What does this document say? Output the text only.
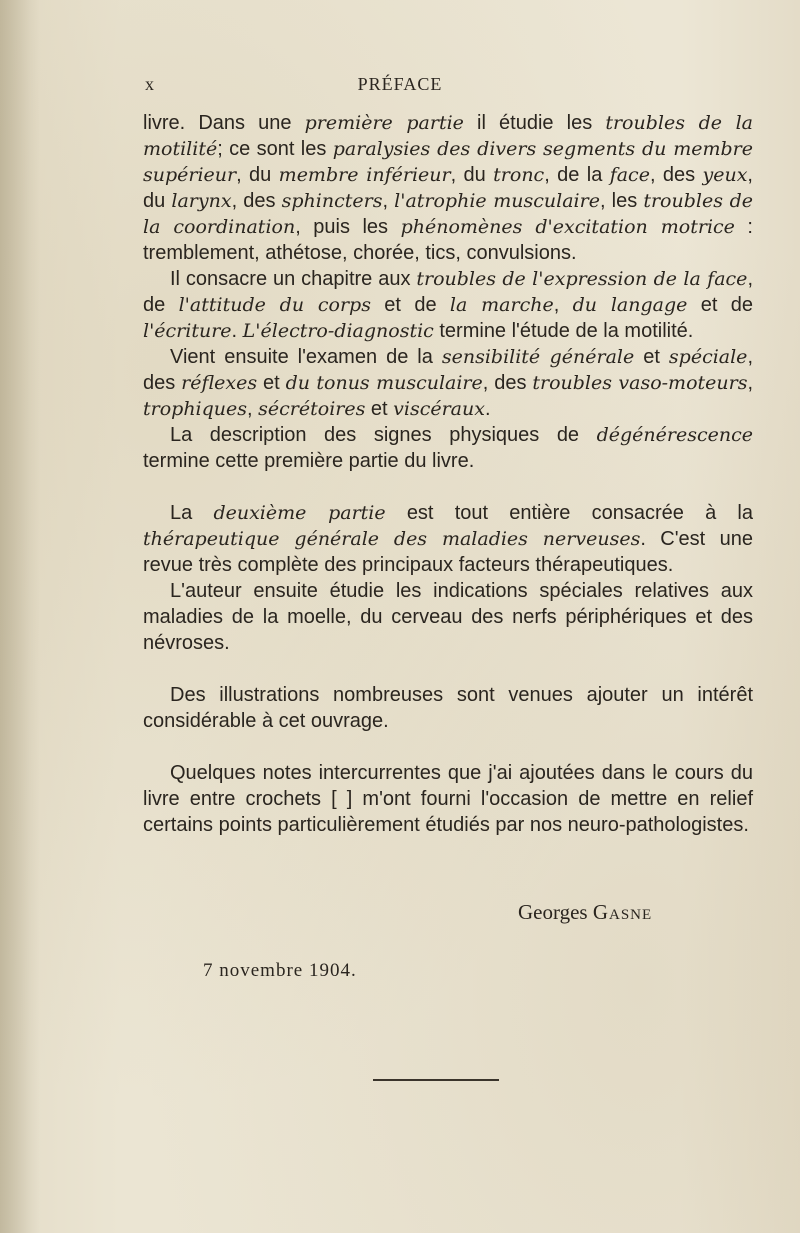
x	PRÉFACE

livre. Dans une première partie il étudie les troubles de la motilité; ce sont les paralysies des divers segments du membre supérieur, du membre inférieur, du tronc, de la face, des yeux, du larynx, des sphincters, l'atrophie musculaire, les troubles de la coordination, puis les phénomènes d'excitation motrice : tremblement, athétose, chorée, tics, convulsions.

Il consacre un chapitre aux troubles de l'expression de la face, de l'attitude du corps et de la marche, du langage et de l'écriture. L'électro-diagnostic termine l'étude de la motilité.

Vient ensuite l'examen de la sensibilité générale et spéciale, des réflexes et du tonus musculaire, des troubles vaso-moteurs, trophiques, sécrétoires et viscéraux.

La description des signes physiques de dégénérescence termine cette première partie du livre.

La deuxième partie est tout entière consacrée à la thérapeutique générale des maladies nerveuses. C'est une revue très complète des principaux facteurs thérapeutiques.

L'auteur ensuite étudie les indications spéciales relatives aux maladies de la moelle, du cerveau des nerfs périphériques et des névroses.

Des illustrations nombreuses sont venues ajouter un intérêt considérable à cet ouvrage.

Quelques notes intercurrentes que j'ai ajoutées dans le cours du livre entre crochets [ ] m'ont fourni l'occasion de mettre en relief certains points particulièrement étudiés par nos neuro-pathologistes.

Georges Gasne
7 novembre 1904.
